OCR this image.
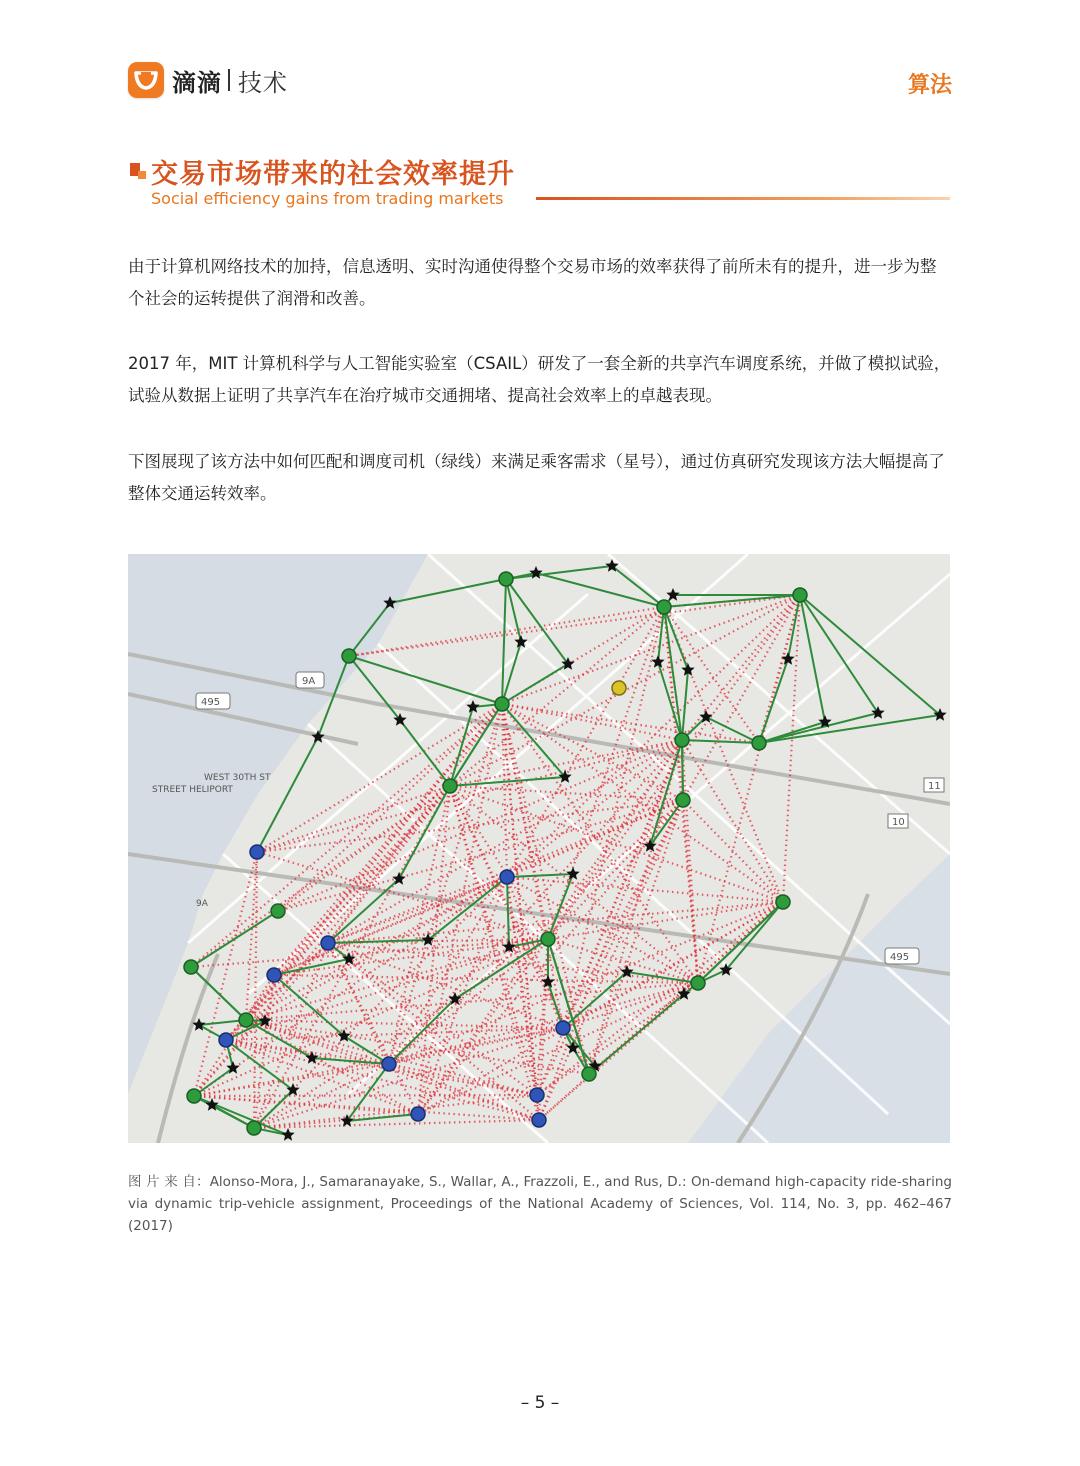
滴滴 技术	算法
交易市场带来的社会效率提升
Social efficiency gains from trading markets

由于计算机网络技术的加持，信息透明、实时沟通使得整个交易市场的效率获得了前所未有的提升，进一步为整个社会的运转提供了润滑和改善。

2017 年，MIT 计算机科学与人工智能实验室（CSAIL）研发了一套全新的共享汽车调度系统，并做了模拟试验，试验从数据上证明了共享汽车在治疗城市交通拥堵、提高社会效率上的卓越表现。

下图展现了该方法中如何匹配和调度司机（绿线）来满足乘客需求（星号），通过仿真研究发现该方法大幅提高了整体交通运转效率。

495
9A
WEST 30TH ST
STREET HELIPORT
9A
495
10
11

图 片 来 自：Alonso-Mora, J., Samaranayake, S., Wallar, A., Frazzoli, E., and Rus, D.: On-demand high-capacity ride-sharing via dynamic trip-vehicle assignment, Proceedings of the National Academy of Sciences, Vol. 114, No. 3, pp. 462–467 (2017)

– 5 –
